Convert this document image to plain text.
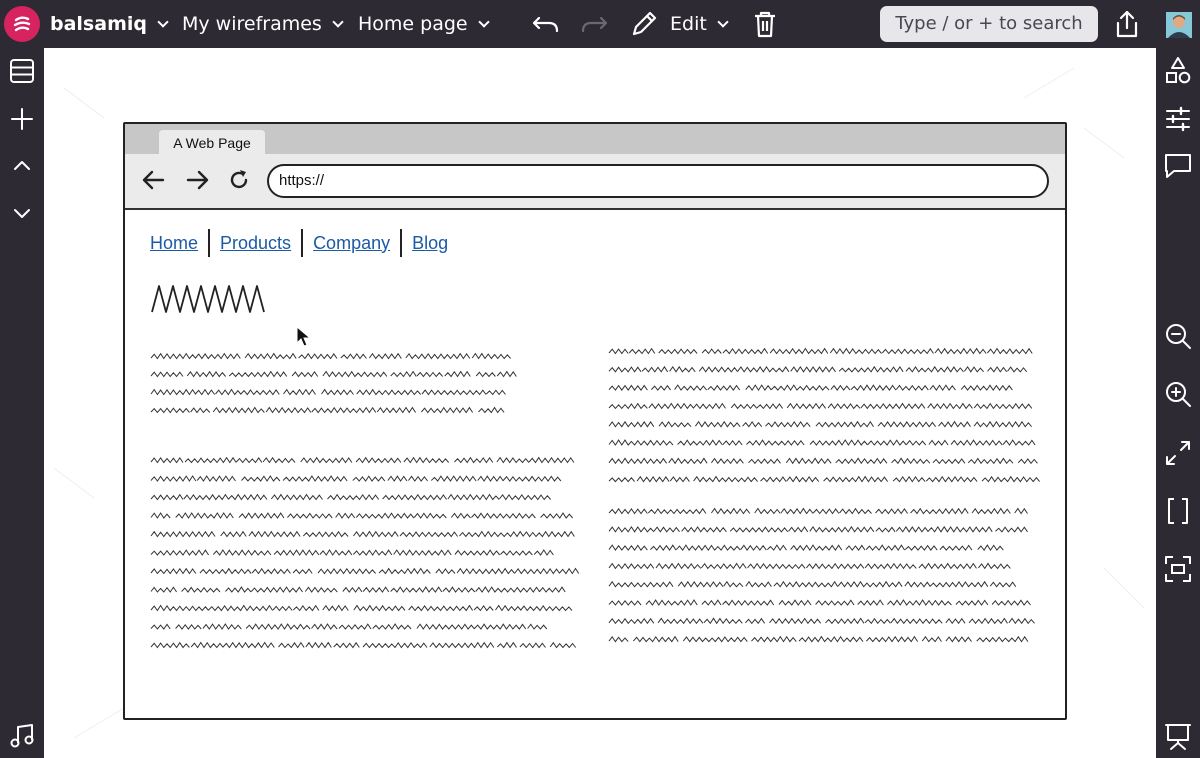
balsamiq	My wireframes	Home page	Edit	Type / or + to search
A Web Page
https://
Home Products Company Blog
